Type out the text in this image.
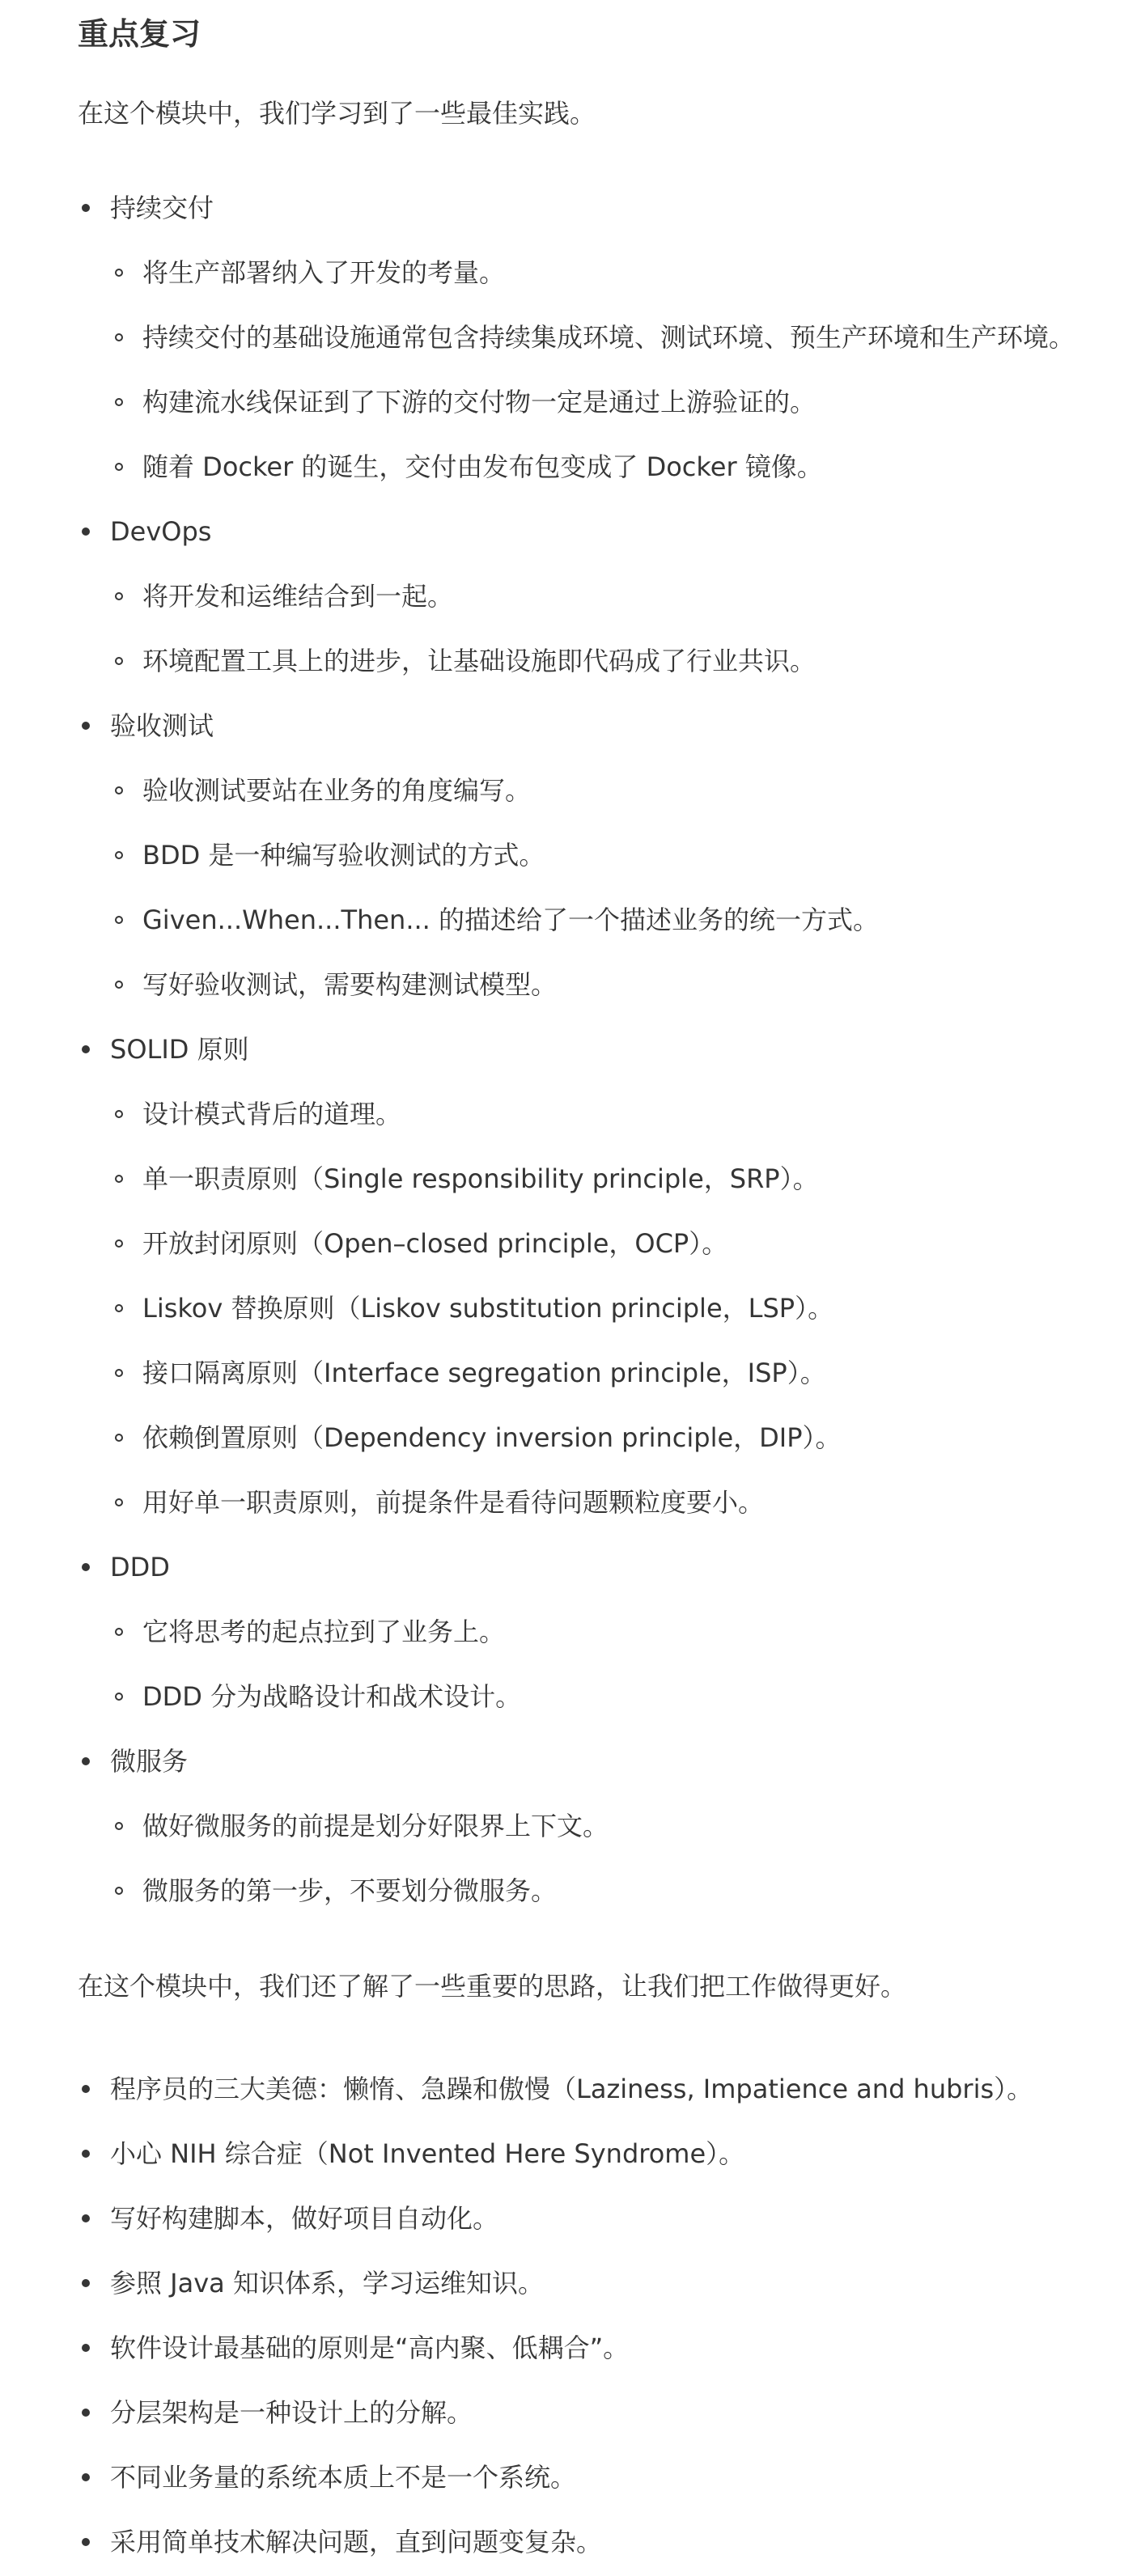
重点复习

在这个模块中，我们学习到了一些最佳实践。

持续交付
将生产部署纳入了开发的考量。
持续交付的基础设施通常包含持续集成环境、测试环境、预生产环境和生产环境。
构建流水线保证到了下游的交付物一定是通过上游验证的。
随着 Docker 的诞生，交付由发布包变成了 Docker 镜像。
DevOps
将开发和运维结合到一起。
环境配置工具上的进步，让基础设施即代码成了行业共识。
验收测试
验收测试要站在业务的角度编写。
BDD 是一种编写验收测试的方式。
Given...When...Then... 的描述给了一个描述业务的统一方式。
写好验收测试，需要构建测试模型。
SOLID 原则
设计模式背后的道理。
单一职责原则（Single responsibility principle，SRP）。
开放封闭原则（Open–closed principle，OCP）。
Liskov 替换原则（Liskov substitution principle，LSP）。
接口隔离原则（Interface segregation principle，ISP）。
依赖倒置原则（Dependency inversion principle，DIP）。
用好单一职责原则，前提条件是看待问题颗粒度要小。
DDD
它将思考的起点拉到了业务上。
DDD 分为战略设计和战术设计。
微服务
做好微服务的前提是划分好限界上下文。
微服务的第一步，不要划分微服务。

在这个模块中，我们还了解了一些重要的思路，让我们把工作做得更好。

程序员的三大美德：懒惰、急躁和傲慢（Laziness, Impatience and hubris）。
小心 NIH 综合症（Not Invented Here Syndrome）。
写好构建脚本，做好项目自动化。
参照 Java 知识体系，学习运维知识。
软件设计最基础的原则是“高内聚、低耦合”。
分层架构是一种设计上的分解。
不同业务量的系统本质上不是一个系统。
采用简单技术解决问题，直到问题变复杂。
